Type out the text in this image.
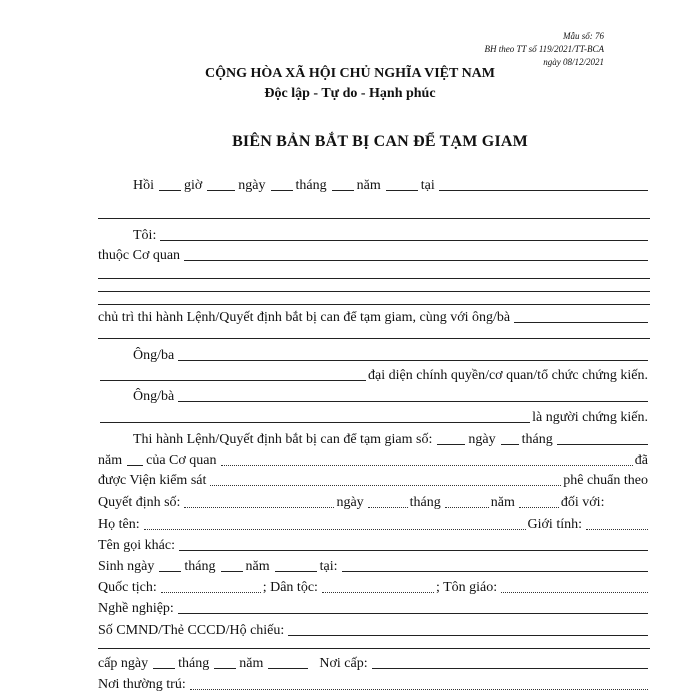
Mẫu số: 76
BH theo TT số 119/2021/TT-BCA
ngày 08/12/2021
CỘNG HÒA XÃ HỘI CHỦ NGHĨA VIỆT NAM
Độc lập - Tự do - Hạnh phúc
BIÊN BẢN BẮT BỊ CAN ĐỂ TẠM GIAM
Hồi giờ	ngày tháng năm	tại
Tôi:
thuộc Cơ quan
chủ trì thi hành Lệnh/Quyết định bắt bị can để tạm giam, cùng với ông/bà
Ông/ba
đại diện chính quyền/cơ quan/tổ chức chứng kiến.
Ông/bà
là người chứng kiến.
Thi hành Lệnh/Quyết định bắt bị can để tạm giam số:	ngày tháng
năm của Cơ quan	đã
được Viện kiểm sát	phê chuẩn theo
Quyết định số:	ngày	tháng	năm	đối với:
Họ tên:	Giới tính:
Tên gọi khác:
Sinh ngày tháng năm	tại:
Quốc tịch:	; Dân tộc:	; Tôn giáo:
Nghề nghiệp:
Số CMND/Thẻ CCCD/Hộ chiếu:
cấp ngày tháng năm	Nơi cấp:
Nơi thường trú:
